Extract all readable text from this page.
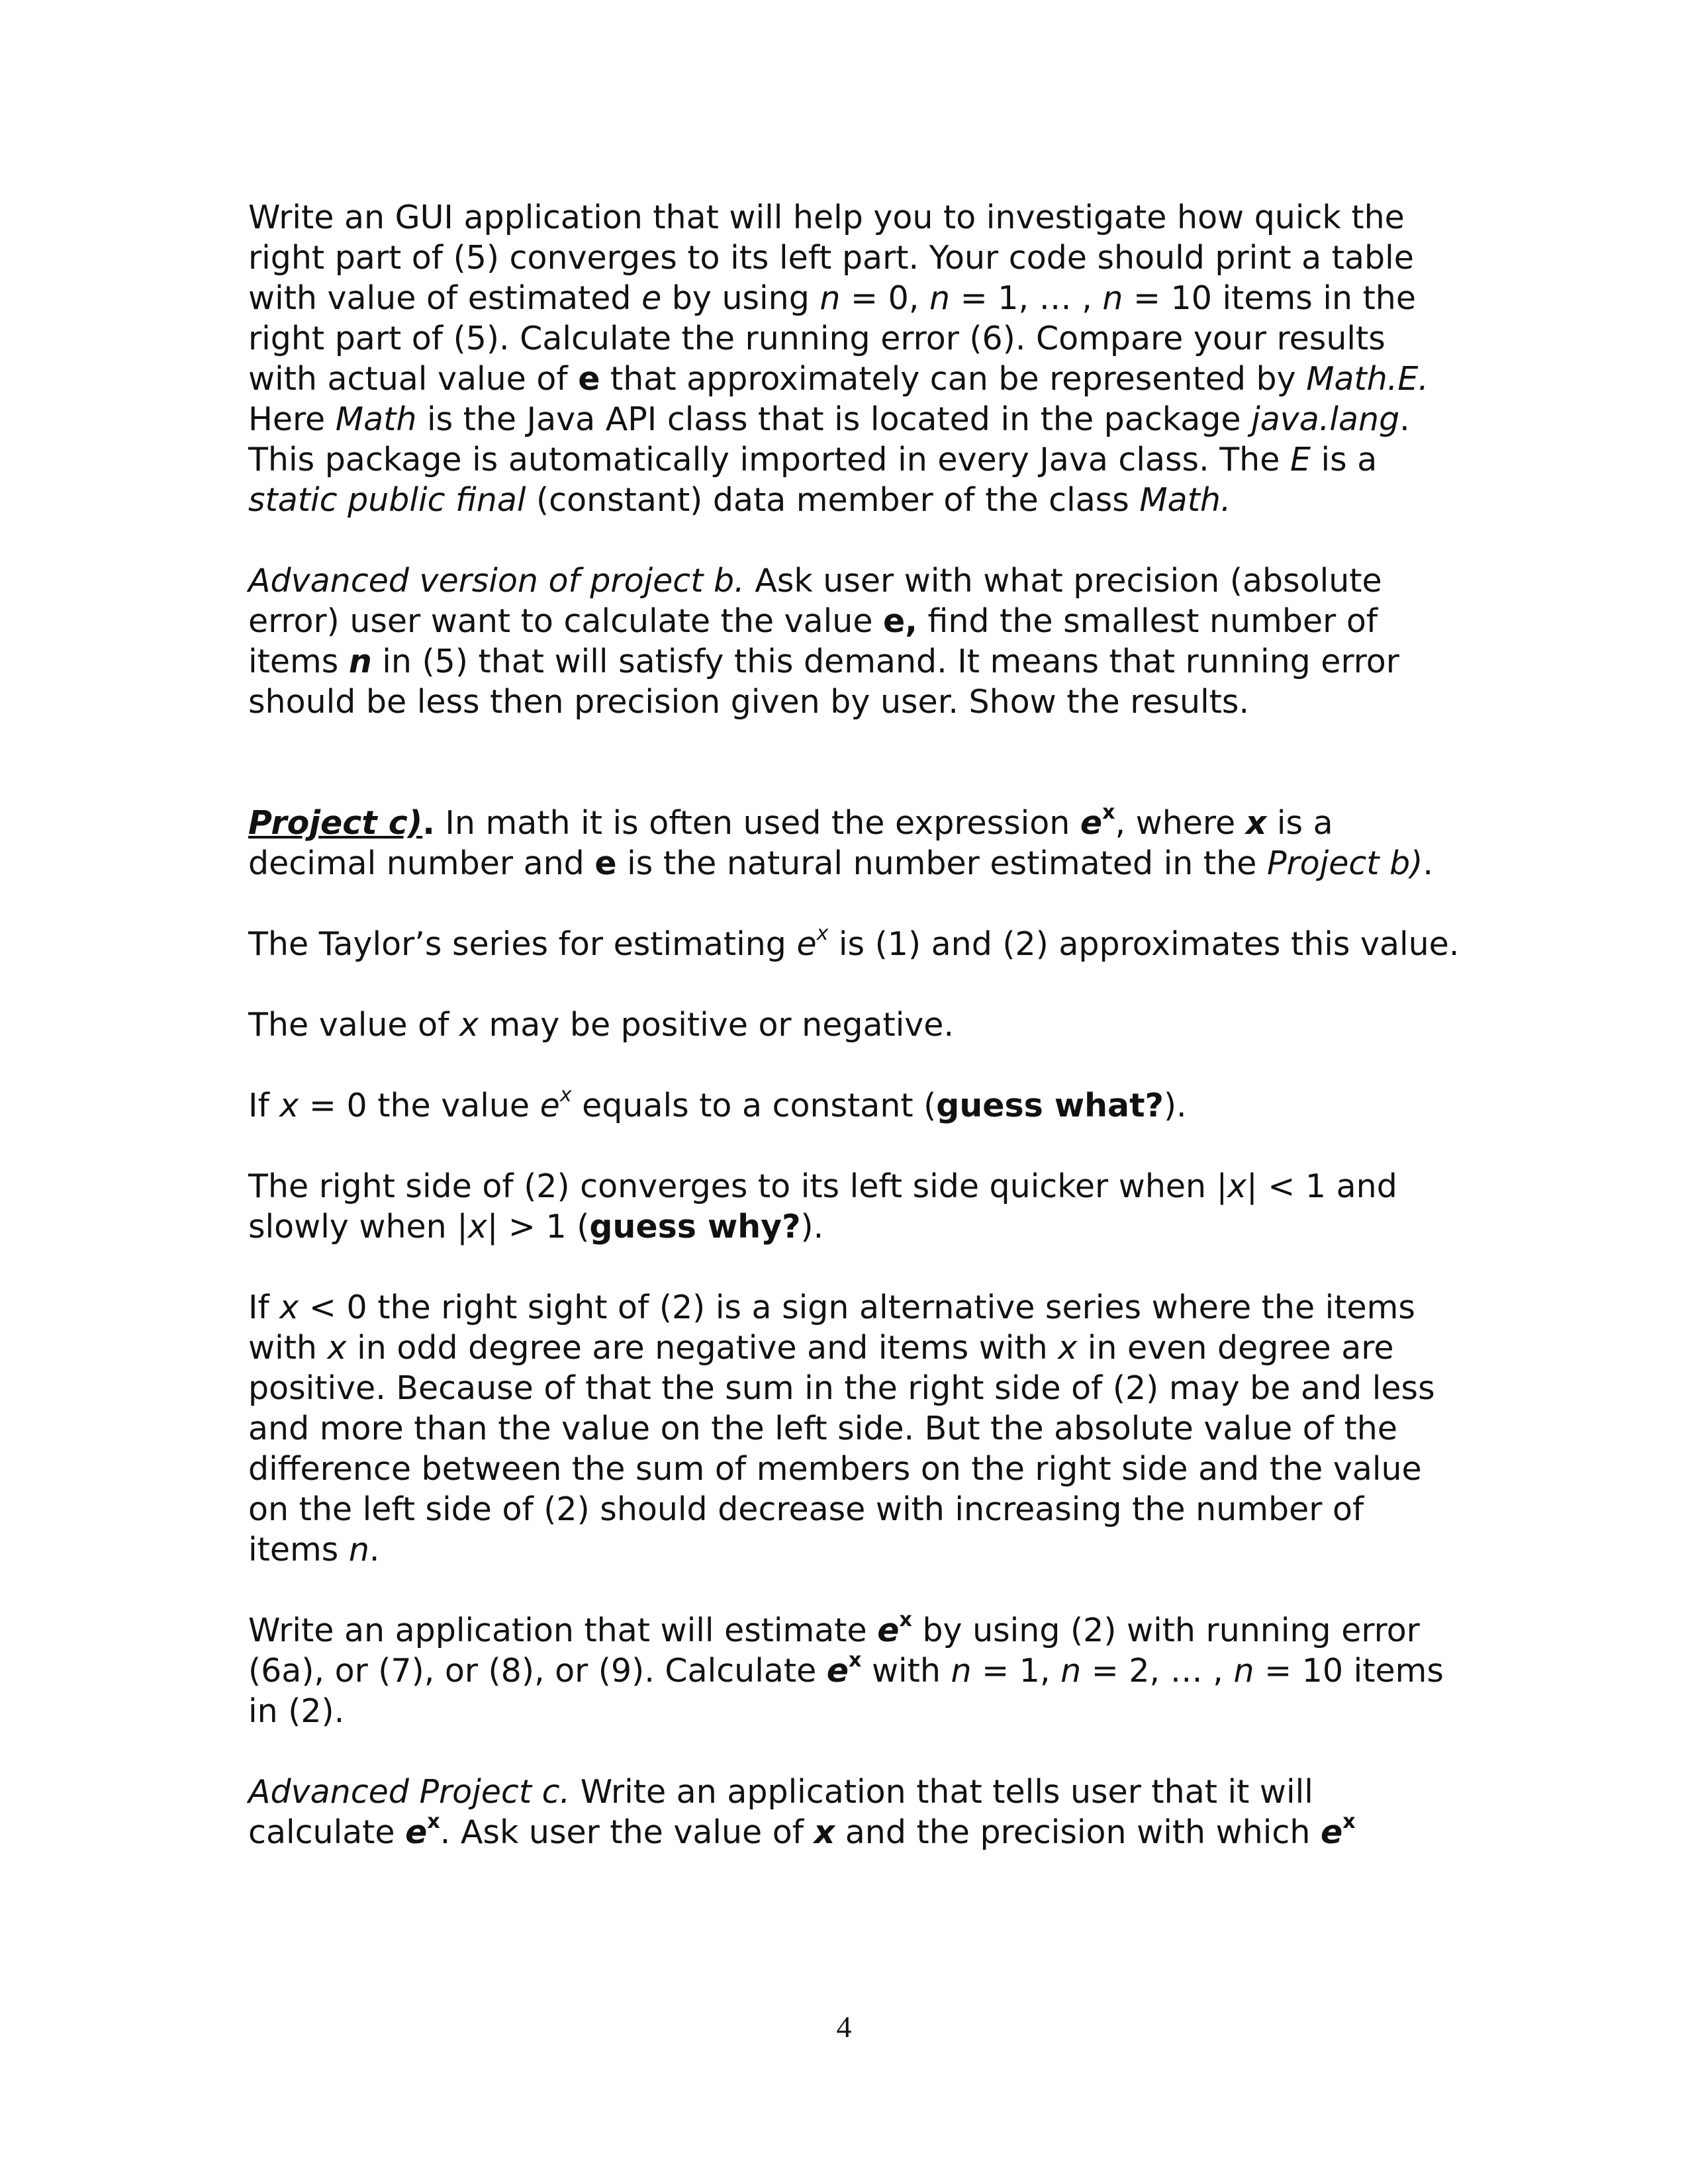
Write an GUI application that will help you to investigate how quick the right part of (5) converges to its left part. Your code should print a table with value of estimated e by using n = 0, n = 1, … , n = 10 items in the right part of (5). Calculate the running error (6). Compare your results with actual value of e that approximately can be represented by Math.E. Here Math is the Java API class that is located in the package java.lang. This package is automatically imported in every Java class. The E is a static public final (constant) data member of the class Math.

Advanced version of project b. Ask user with what precision (absolute error) user want to calculate the value e, find the smallest number of items n in (5) that will satisfy this demand. It means that running error should be less then precision given by user. Show the results.

Project c). In math it is often used the expression $e^x$, where x is a decimal number and e is the natural number estimated in the Project b).

The Taylor’s series for estimating $e^x$ is (1) and (2) approximates this value.

The value of x may be positive or negative.

If x = 0 the value $e^x$ equals to a constant (guess what?).

The right side of (2) converges to its left side quicker when |x| < 1 and slowly when |x| > 1 (guess why?).

If x < 0 the right sight of (2) is a sign alternative series where the items with x in odd degree are negative and items with x in even degree are positive. Because of that the sum in the right side of (2) may be and less and more than the value on the left side. But the absolute value of the difference between the sum of members on the right side and the value on the left side of (2) should decrease with increasing the number of items n.

Write an application that will estimate $e^x$ by using (2) with running error (6a), or (7), or (8), or (9). Calculate $e^x$ with n = 1, n = 2, … , n = 10 items in (2).

Advanced Project c. Write an application that tells user that it will calculate $e^x$. Ask user the value of x and the precision with which $e^x$

4
